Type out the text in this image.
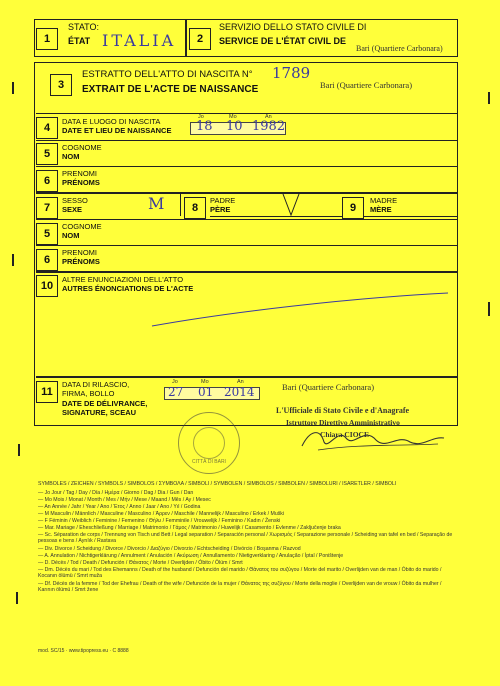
1
STATO:
ÉTAT ITALIA	2
SERVIZIO DELLO STATO CIVILE DI
SERVICE DE L'ÉTAT CIVIL DE
Bari (Quartiere Carbonara)
3
ESTRATTO DELL'ATTO DI NASCITA N° 1789
EXTRAIT DE L'ACTE DE NAISSANCE	Bari (Quartiere Carbonara)
4
DATA E LUOGO DI NASCITA
DATE ET LIEU DE NAISSANCE
Jo	Mo	An
18 10 1982
5
COGNOME
NOM
6
PRENOMI
PRÉNOMS
7
SESSO
SEXE	M	8
PADRE
PÈRE	9
MADRE
MÈRE
5
COGNOME
NOM
6
PRENOMI
PRÉNOMS
10
ALTRE ENUNCIAZIONI DELL'ATTO
AUTRES ÉNONCIATIONS DE L'ACTE
11
DATA DI RILASCIO,
FIRMA, BOLLO
DATE DE DÉLIVRANCE,
SIGNATURE, SCEAU
Jo	Mo	An
27 01 2014	Bari (Quartiere Carbonara)
L'Ufficiale di Stato Civile e d'Anagrafe
Istruttore Direttivo Amministrativo
Chiara CIOCE
CITTÀ DI BARI
SYMBOLES / ZEICHEN / SYMBOLS / SIMBOLOS / ΣΥΜΒΟΛΑ / SIMBOLI / SYMBOLEN / SIMBOLOS / SIMBOLEN / SIMBOLURI / ISARETLER / SIMBOLI
— Jo Jour / Tag / Day / Día / Ημέρα / Giorno / Dag / Dia / Gun / Dan
— Mo Mois / Monat / Month / Mes / Μήν / Mese / Maand / Mês / Ay / Mesec
— An Année / Jahr / Year / Ano / Έτος / Anno / Jaar / Ano / Yıl / Godina
— M Masculin / Männlich / Masculine / Masculino / Άρρεν / Maschile / Mannelijk / Masculino / Erkek / Muški
— F Féminin / Weiblich / Feminine / Femenino / Θήλυ / Femminile / Vrouwelijk / Feminino / Kadın / Ženski
— Mar. Mariage / Eheschließung / Marriage / Matrimonio / Γάμος / Matrimonio / Huwelijk / Casamento / Evlenme / Zaključenje braka
— Sc. Séparation de corps / Trennung von Tisch und Bett / Legal separation / Separación personal / Χωρισμός / Separazione personale / Scheiding van tafel en bed / Separação de pessoas e bens / Ayrılık / Rastava
— Div. Divorce / Scheidung / Divorce / Divorcio / Διαζύγιο / Divorzio / Echtscheiding / Divórcio / Boşanma / Razvod
— A. Annulation / Nichtigerklärung / Annulment / Anulación / Ακύρωση / Annullamento / Nietigverklaring / Anulação / İptal / Poništenje
— D. Décès / Tod / Death / Defunción / Θάνατος / Morte / Overlijden / Óbito / Ölüm / Smrt
— Dm. Décès du mari / Tod des Ehemanns / Death of the husband / Defunción del marido / Θάνατος του συζύγου / Morte del marito / Overlijden van de man / Óbito do marido / Kocanın ölümü / Smrt muža
— Df. Décès de la femme / Tod der Ehefrau / Death of the wife / Defunción de la mujer / Θάνατος της συζύγου / Morte della moglie / Overlijden van de vrouw / Óbito da mulher / Karının ölümü / Smrt žene
mod. SC/15 · www.tipopress.eu · C 8888
